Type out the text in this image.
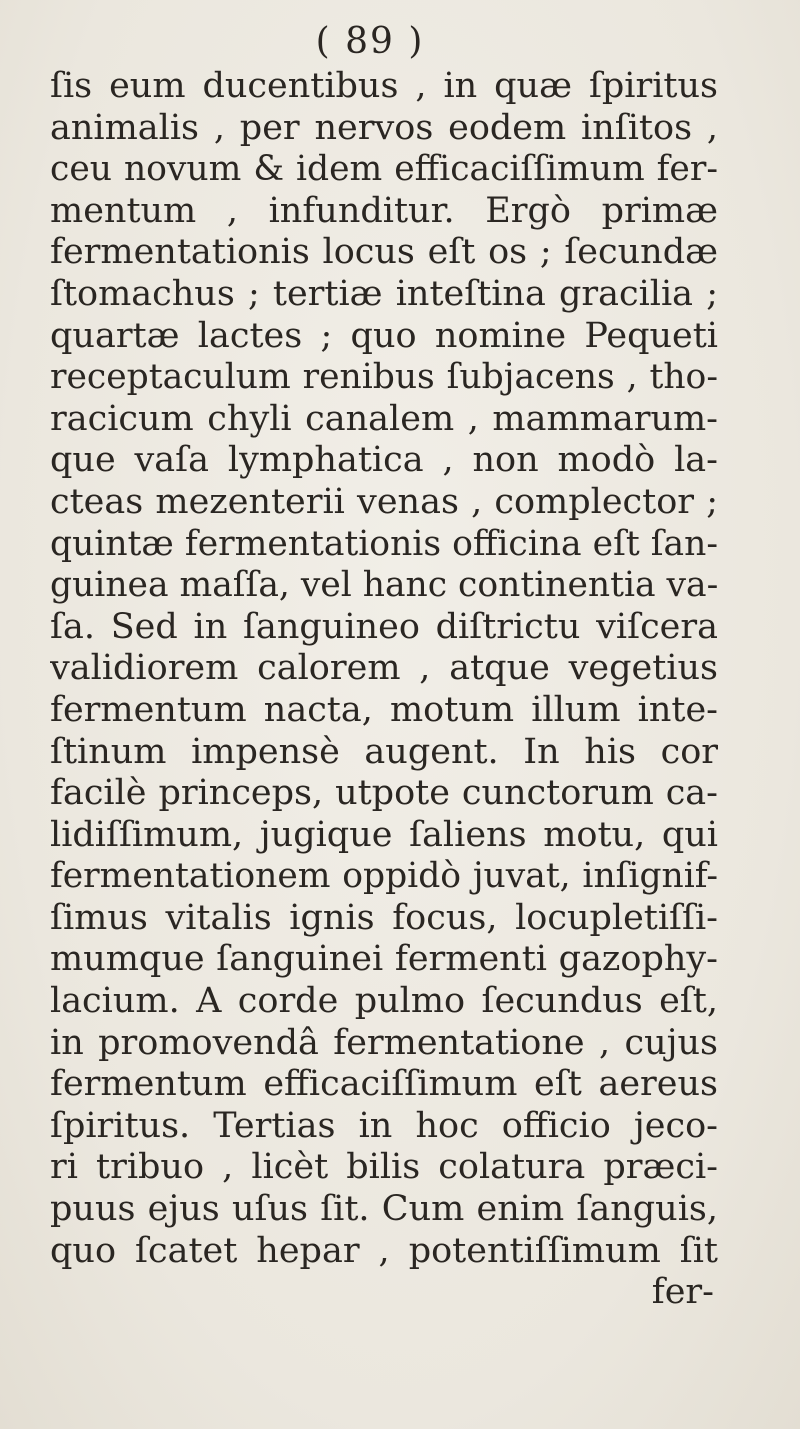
( 89 )
ſis eum ducentibus , in quæ ſpiritus
animalis , per nervos eodem inſitos ,
ceu novum & idem efficaciſſimum fer-
mentum , infunditur. Ergò primæ
fermentationis locus eſt os ; ſecundæ
ſtomachus ; tertiæ inteſtina gracilia ;
quartæ lactes ; quo nomine Pequeti
receptaculum renibus ſubjacens , tho-
racicum chyli canalem , mammarum-
que vaſa lymphatica , non modò la-
cteas mezenterii venas , complector ;
quintæ fermentationis officina eſt ſan-
guinea maſſa, vel hanc continentia va-
ſa. Sed in ſanguineo diſtrictu viſcera
validiorem calorem , atque vegetius
fermentum nacta, motum illum inte-
ſtinum impensè augent. In his cor
facilè princeps, utpote cunctorum ca-
lidiſſimum, jugique ſaliens motu, qui
fermentationem oppidò juvat, inſignif-
ſimus vitalis ignis focus, locupletiſſi-
mumque ſanguinei fermenti gazophy-
lacium. A corde pulmo ſecundus eſt,
in promovendâ fermentatione , cujus
fermentum efficaciſſimum eſt aereus
ſpiritus. Tertias in hoc officio jeco-
ri tribuo , licèt bilis colatura præci-
puus ejus uſus ſit. Cum enim ſanguis,
quo ſcatet hepar , potentiſſimum ſit
fer-
